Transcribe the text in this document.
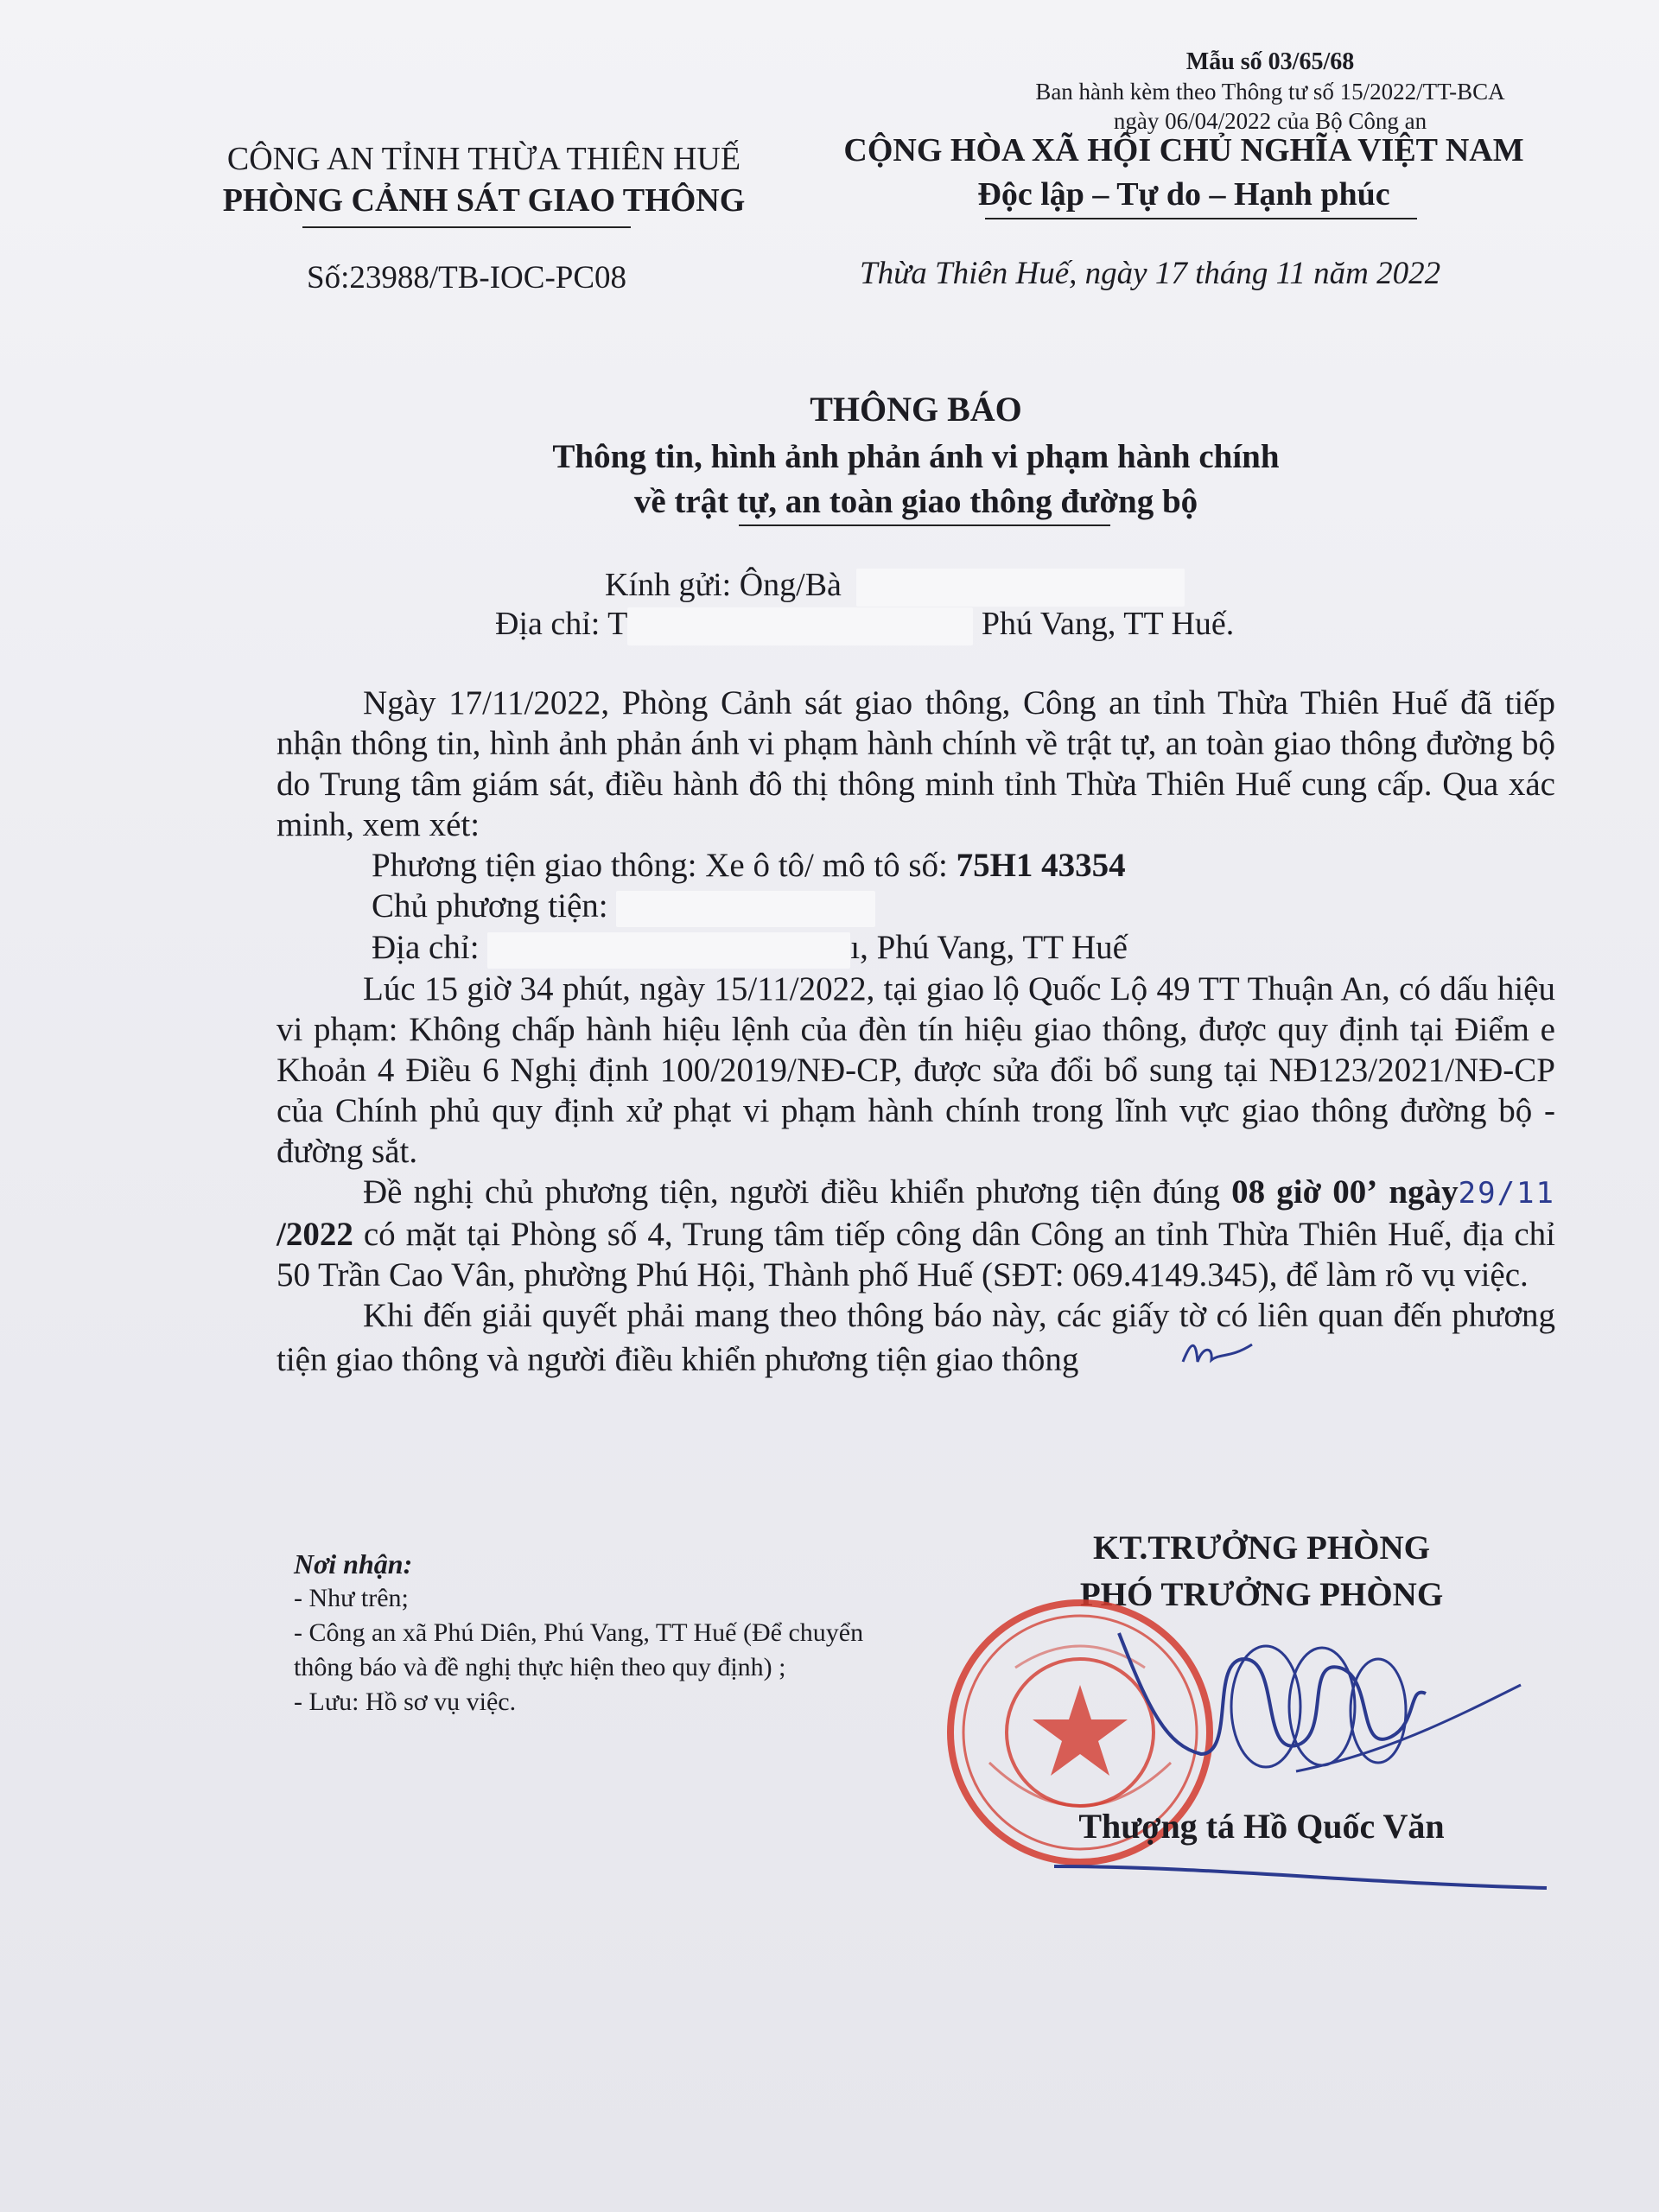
Mẫu số 03/65/68
Ban hành kèm theo Thông tư số 15/2022/TT-BCA
ngày 06/04/2022 của Bộ Công an
CÔNG AN TỈNH THỪA THIÊN HUẾ
PHÒNG CẢNH SÁT GIAO THÔNG
CỘNG HÒA XÃ HỘI CHỦ NGHĨA VIỆT NAM
Độc lập – Tự do – Hạnh phúc
Số:23988/TB-IOC-PC08	Thừa Thiên Huế, ngày 17 tháng 11 năm 2022
THÔNG BÁO
Thông tin, hình ảnh phản ánh vi phạm hành chính
về trật tự, an toàn giao thông đường bộ
Kính gửi: Ông/Bà
Địa chỉ: T	Phú Vang, TT Huế.

Ngày 17/11/2022, Phòng Cảnh sát giao thông, Công an tỉnh Thừa Thiên Huế đã tiếp nhận thông tin, hình ảnh phản ánh vi phạm hành chính về trật tự, an toàn giao thông đường bộ do Trung tâm giám sát, điều hành đô thị thông minh tỉnh Thừa Thiên Huế cung cấp. Qua xác minh, xem xét:

Phương tiện giao thông: Xe ô tô/ mô tô số: 75H1 43354

Chủ phương tiện:

Địa chỉ:	ı, Phú Vang, TT Huế

Lúc 15 giờ 34 phút, ngày 15/11/2022, tại giao lộ Quốc Lộ 49 TT Thuận An, có dấu hiệu vi phạm: Không chấp hành hiệu lệnh của đèn tín hiệu giao thông, được quy định tại Điểm e Khoản 4 Điều 6 Nghị định 100/2019/NĐ-CP, được sửa đổi bổ sung tại NĐ123/2021/NĐ-CP của Chính phủ quy định xử phạt vi phạm hành chính trong lĩnh vực giao thông đường bộ - đường sắt.

Đề nghị chủ phương tiện, người điều khiển phương tiện đúng 08 giờ 00’ ngày29/11 /2022 có mặt tại Phòng số 4, Trung tâm tiếp công dân Công an tỉnh Thừa Thiên Huế, địa chỉ 50 Trần Cao Vân, phường Phú Hội, Thành phố Huế (SĐT: 069.4149.345), để làm rõ vụ việc.

Khi đến giải quyết phải mang theo thông báo này, các giấy tờ có liên quan đến phương tiện giao thông và người điều khiển phương tiện giao thông

Nơi nhận:
- Như trên;
- Công an xã Phú Diên, Phú Vang, TT Huế (Để chuyển thông báo và đề nghị thực hiện theo quy định) ;
- Lưu: Hồ sơ vụ việc.
KT.TRƯỞNG PHÒNG
PHÓ TRƯỞNG PHÒNG
Thượng tá Hồ Quốc Văn
